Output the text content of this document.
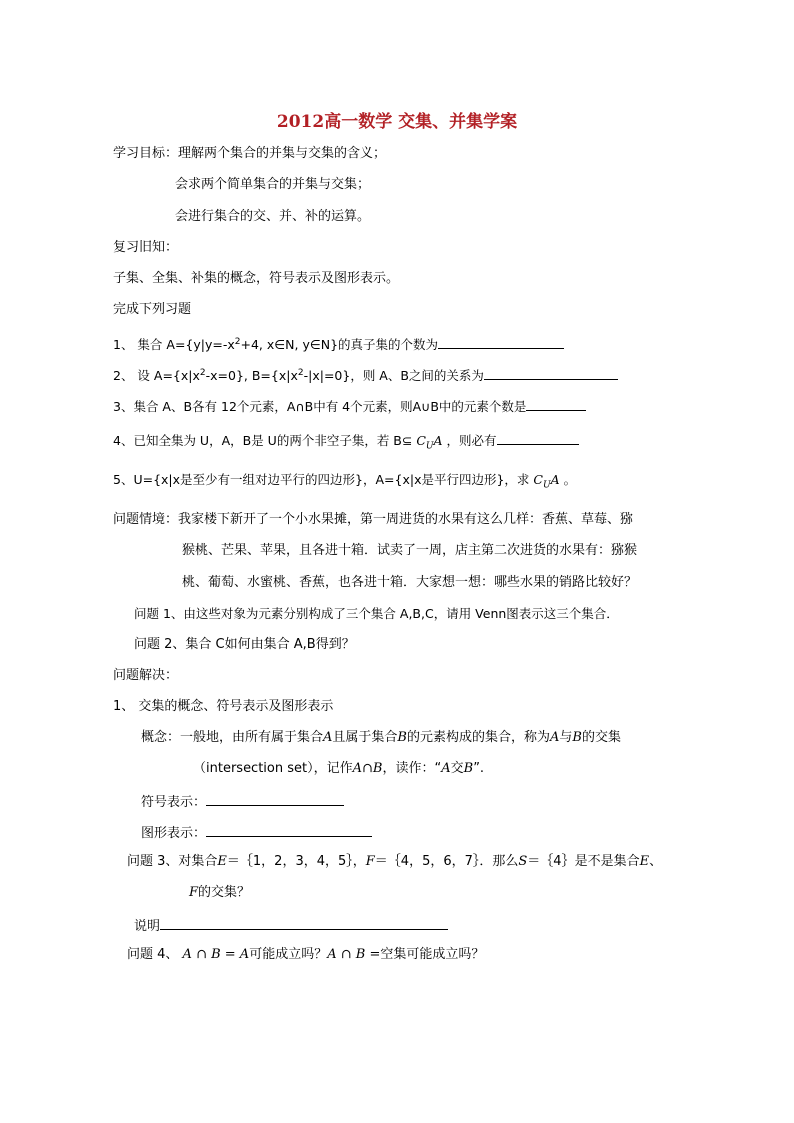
2012高一数学 交集、并集学案
学习目标：理解两个集合的并集与交集的含义；
会求两个简单集合的并集与交集；
会进行集合的交、并、补的运算。
复习旧知：
子集、全集、补集的概念，符号表示及图形表示。
完成下列习题
1、 集合 $A=\{y|y=-x^2+4$, x∈N, y∈N}的真子集的个数为
2、 设 $A=\{x|x^2-x=0\}$, $B=\{x|x^2-|x|=0\}$，则 A、B之间的关系为
3、集合 A、B各有 12个元素，A∩B中有 4个元素，则A∪B中的元素个数是
4、已知全集为 U，A，B是 U的两个非空子集，若 B⊆ $C_UA$ ，则必有
5、U={x|x是至少有一组对边平行的四边形}，A={x|x是平行四边形}，求 $C_UA$ 。
问题情境：我家楼下新开了一个小水果摊，第一周进货的水果有这么几样：香蕉、草莓、猕
猴桃、芒果、苹果，且各进十箱．试卖了一周，店主第二次进货的水果有：猕猴
桃、葡萄、水蜜桃、香蕉，也各进十箱．大家想一想：哪些水果的销路比较好？
问题 1、由这些对象为元素分别构成了三个集合 A,B,C，请用 Venn图表示这三个集合．
问题 2、集合 C如何由集合 A,B得到？
问题解决：
1、 交集的概念、符号表示及图形表示
概念：一般地，由所有属于集合A且属于集合B的元素构成的集合，称为A与B的交集
（intersection set），记作A∩B，读作：“A交B”.
符号表示：
图形表示：
问题 3、对集合E＝｛1，2，3，4，5｝，F＝｛4，5，6，7｝．那么S＝｛4｝是不是集合E、
F的交集？
说明
问题 4、 A ∩ B = A可能成立吗？A ∩ B =空集可能成立吗？
